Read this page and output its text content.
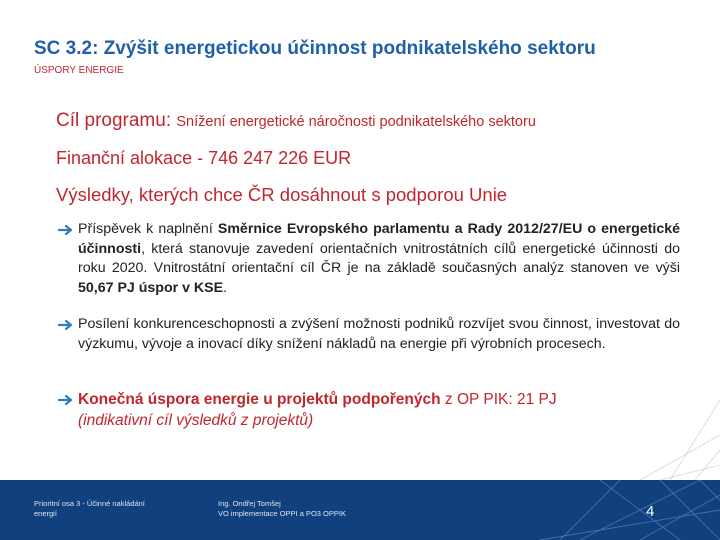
SC 3.2: Zvýšit energetickou účinnost podnikatelského sektoru
ÚSPORY ENERGIE
Cíl programu: Snížení energetické náročnosti podnikatelského sektoru
Finanční alokace - 746 247 226 EUR
Výsledky, kterých chce ČR dosáhnout s podporou Unie
Příspěvek k naplnění Směrnice Evropského parlamentu a Rady 2012/27/EU o energetické účinnosti, která stanovuje zavedení orientačních vnitrostátních cílů energetické účinnosti do roku 2020. Vnitrostátní orientační cíl ČR je na základě současných analýz stanoven ve výši 50,67 PJ úspor v KSE.
Posílení konkurenceschopnosti a zvýšení možnosti podniků rozvíjet svou činnost, investovat do výzkumu, vývoje a inovací díky snížení nákladů na energie při výrobních procesech.
Konečná úspora energie u projektů podpořených z OP PIK: 21 PJ
(indikativní cíl výsledků z projektů)
Prioritní osa 3 - Účinné nakládání
energií
Ing. Ondřej Tomšej
VO implementace OPPI a PO3 OPPIK	4
